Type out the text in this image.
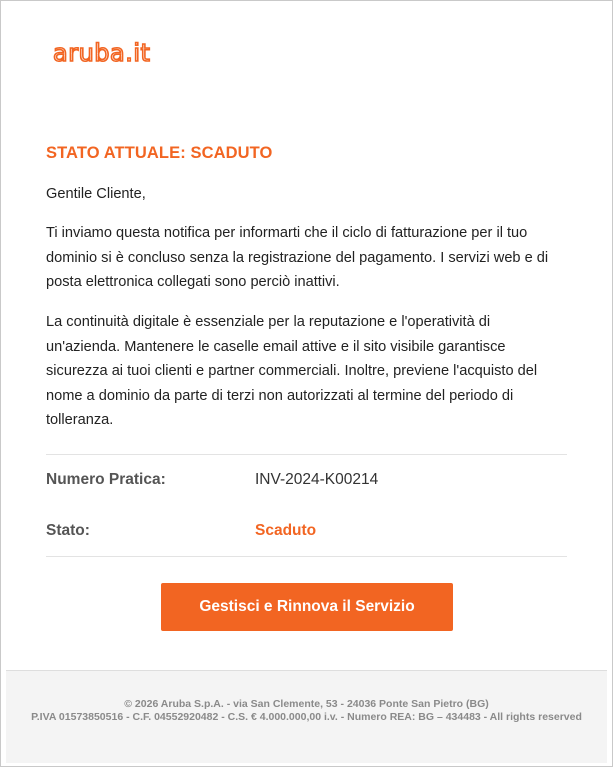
aruba.it
STATO ATTUALE: SCADUTO

Gentile Cliente,

Ti inviamo questa notifica per informarti che il ciclo di fatturazione per il tuo dominio si è concluso senza la registrazione del pagamento. I servizi web e di posta elettronica collegati sono perciò inattivi.

La continuità digitale è essenziale per la reputazione e l'operatività di un'azienda. Mantenere le caselle email attive e il sito visibile garantisce sicurezza ai tuoi clienti e partner commerciali. Inoltre, previene l'acquisto del nome a dominio da parte di terzi non autorizzati al termine del periodo di tolleranza.

Numero Pratica:	INV-2024-K00214
Stato:	Scaduto
Gestisci e Rinnova il Servizio
© 2026 Aruba S.p.A. - via San Clemente, 53 - 24036 Ponte San Pietro (BG)
P.IVA 01573850516 - C.F. 04552920482 - C.S. € 4.000.000,00 i.v. - Numero REA: BG – 434483 - All rights reserved
